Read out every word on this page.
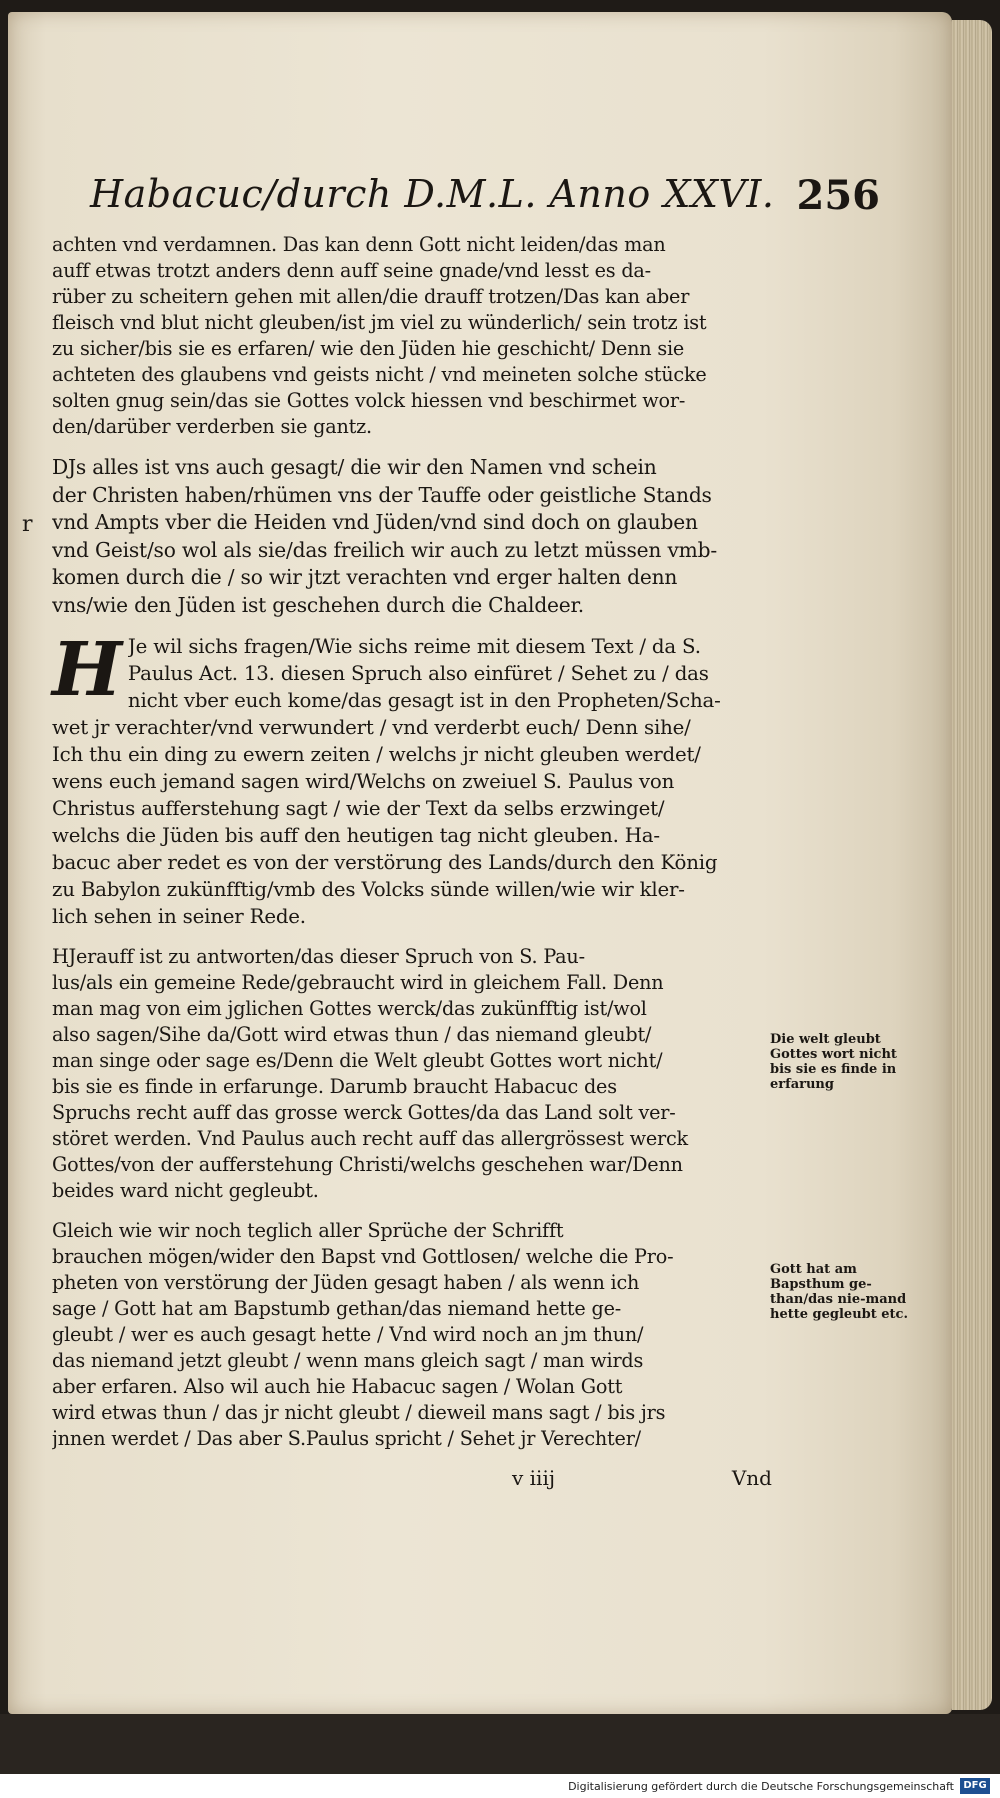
Habacuc/durch D.M.L. Anno XXVI. 256
r
achten vnd verdamnen. Das kan denn Gott nicht leiden/das man
auff etwas trotzt anders denn auff seine gnade/vnd lesst es da-
rüber zu scheitern gehen mit allen/die drauff trotzen/Das kan aber
fleisch vnd blut nicht gleuben/ist jm viel zu wünderlich/ sein trotz ist
zu sicher/bis sie es erfaren/ wie den Jüden hie geschicht/ Denn sie
achteten des glaubens vnd geists nicht / vnd meineten solche stücke
solten gnug sein/das sie Gottes volck hiessen vnd beschirmet wor-
den/darüber verderben sie gantz.
DJs alles ist vns auch gesagt/ die wir den Namen vnd schein
der Christen haben/rhümen vns der Tauffe oder geistliche Stands
vnd Ampts vber die Heiden vnd Jüden/vnd sind doch on glauben
vnd Geist/so wol als sie/das freilich wir auch zu letzt müssen vmb-
komen durch die / so wir jtzt verachten vnd erger halten denn
vns/wie den Jüden ist geschehen durch die Chaldeer.
H Je wil sichs fragen/Wie sichs reime mit diesem Text / da S.
Paulus Act. 13. diesen Spruch also einfüret / Sehet zu / das
nicht vber euch kome/das gesagt ist in den Propheten/Scha-
wet jr verachter/vnd verwundert / vnd verderbt euch/ Denn sihe/
Ich thu ein ding zu ewern zeiten / welchs jr nicht gleuben werdet/
wens euch jemand sagen wird/Welchs on zweiuel S. Paulus von
Christus aufferstehung sagt / wie der Text da selbs erzwinget/
welchs die Jüden bis auff den heutigen tag nicht gleuben. Ha-
bacuc aber redet es von der verstörung des Lands/durch den König
zu Babylon zukünfftig/vmb des Volcks sünde willen/wie wir kler-
lich sehen in seiner Rede.
HJerauff ist zu antworten/das dieser Spruch von S. Pau-
lus/als ein gemeine Rede/gebraucht wird in gleichem Fall. Denn
man mag von eim jglichen Gottes werck/das zukünfftig ist/wol
also sagen/Sihe da/Gott wird etwas thun / das niemand gleubt/
man singe oder sage es/Denn die Welt gleubt Gottes wort nicht/
bis sie es finde in erfarunge. Darumb braucht Habacuc des
Spruchs recht auff das grosse werck Gottes/da das Land solt ver-
störet werden. Vnd Paulus auch recht auff das allergrössest werck
Gottes/von der aufferstehung Christi/welchs geschehen war/Denn
beides ward nicht gegleubt.
Gleich wie wir noch teglich aller Sprüche der Schrifft
brauchen mögen/wider den Bapst vnd Gottlosen/ welche die Pro-
pheten von verstörung der Jüden gesagt haben / als wenn ich
sage / Gott hat am Bapstumb gethan/das niemand hette ge-
gleubt / wer es auch gesagt hette / Vnd wird noch an jm thun/
das niemand jetzt gleubt / wenn mans gleich sagt / man wirds
aber erfaren. Also wil auch hie Habacuc sagen / Wolan Gott
wird etwas thun / das jr nicht gleubt / dieweil mans sagt / bis jrs
jnnen werdet / Das aber S.Paulus spricht / Sehet jr Verechter/
v iiij	Vnd
Die welt gleubt Gottes wort nicht bis sie es finde in erfarung
Gott hat am Bapsthum ge-than/das nie-mand hette gegleubt etc.
Digitalisierung gefördert durch die Deutsche Forschungsgemeinschaft DFG
